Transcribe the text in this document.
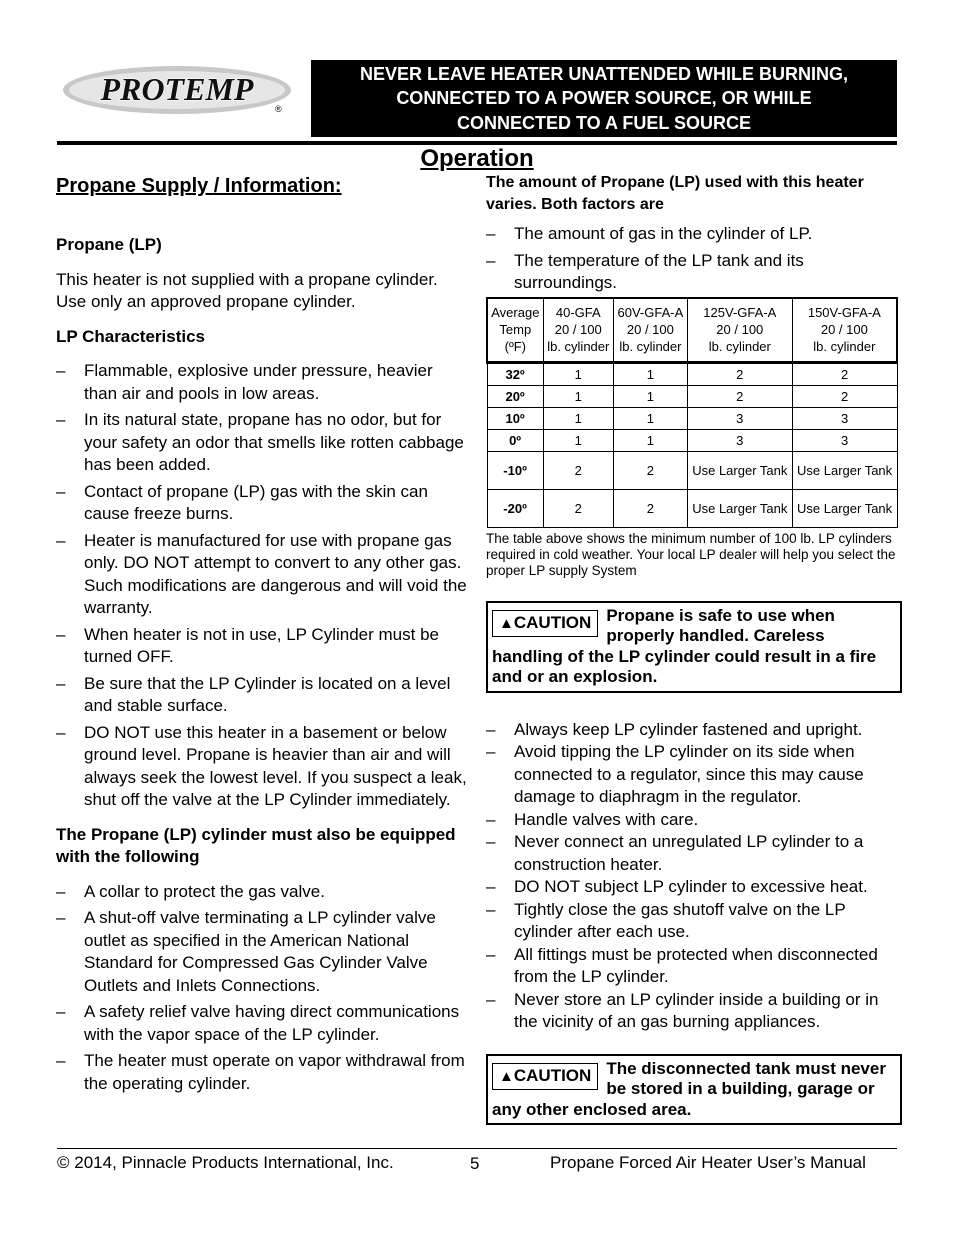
PROTEMP
®
NEVER LEAVE HEATER UNATTENDED WHILE BURNING,
CONNECTED TO A POWER SOURCE, OR WHILE
CONNECTED TO A FUEL SOURCE
Operation

Propane Supply / Information:

Propane (LP)

This heater is not supplied with a propane cylinder. Use only an approved propane cylinder.

LP Characteristics

– Flammable, explosive under pressure, heavier than air and pools in low areas.
– In its natural state, propane has no odor, but for your safety an odor that smells like rotten cabbage has been added.
– Contact of propane (LP) gas with the skin can cause freeze burns.
– Heater is manufactured for use with propane gas only. DO NOT attempt to convert to any other gas. Such modifications are dangerous and will void the warranty.
– When heater is not in use, LP Cylinder must be turned OFF.
– Be sure that the LP Cylinder is located on a level and stable surface.
– DO NOT use this heater in a basement or below ground level. Propane is heavier than air and will always seek the lowest level. If you suspect a leak, shut off the valve at the LP Cylinder immediately.

The Propane (LP) cylinder must also be equipped with the following

– A collar to protect the gas valve.
– A shut-off valve terminating a LP cylinder valve outlet as specified in the American National Standard for Compressed Gas Cylinder Valve Outlets and Inlets Connections.
– A safety relief valve having direct communications with the vapor space of the LP cylinder.
– The heater must operate on vapor withdrawal from the operating cylinder.

The amount of Propane (LP) used with this heater varies. Both factors are

– The amount of gas in the cylinder of LP.
– The temperature of the LP tank and its surroundings.
Average
Temp
(ºF)	40-GFA
20 / 100
lb. cylinder	60V-GFA-A
20 / 100
lb. cylinder	125V-GFA-A
20 / 100
lb. cylinder	150V-GFA-A
20 / 100
lb. cylinder
32º	1	1	2	2
20º	1	1	2	2
10º	1	1	3	3
0º	1	1	3	3
-10º	2	2	Use Larger Tank	Use Larger Tank
-20º	2	2	Use Larger Tank	Use Larger Tank

The table above shows the minimum number of 100 lb. LP cylinders required in cold weather. Your local LP dealer will help you select the proper LP supply System

▲CAUTION Propane is safe to use when properly handled. Careless handling of the LP cylinder could result in a fire and or an explosion.
– Always keep LP cylinder fastened and upright.
– Avoid tipping the LP cylinder on its side when connected to a regulator, since this may cause damage to diaphragm in the regulator.
– Handle valves with care.
– Never connect an unregulated LP cylinder to a construction heater.
– DO NOT subject LP cylinder to excessive heat.
– Tightly close the gas shutoff valve on the LP cylinder after each use.
– All fittings must be protected when disconnected from the LP cylinder.
– Never store an LP cylinder inside a building or in the vicinity of an gas burning appliances.
▲CAUTION The disconnected tank must never be stored in a building, garage or any other enclosed area.
© 2014, Pinnacle Products International, Inc.	5	Propane Forced Air Heater User’s Manual
